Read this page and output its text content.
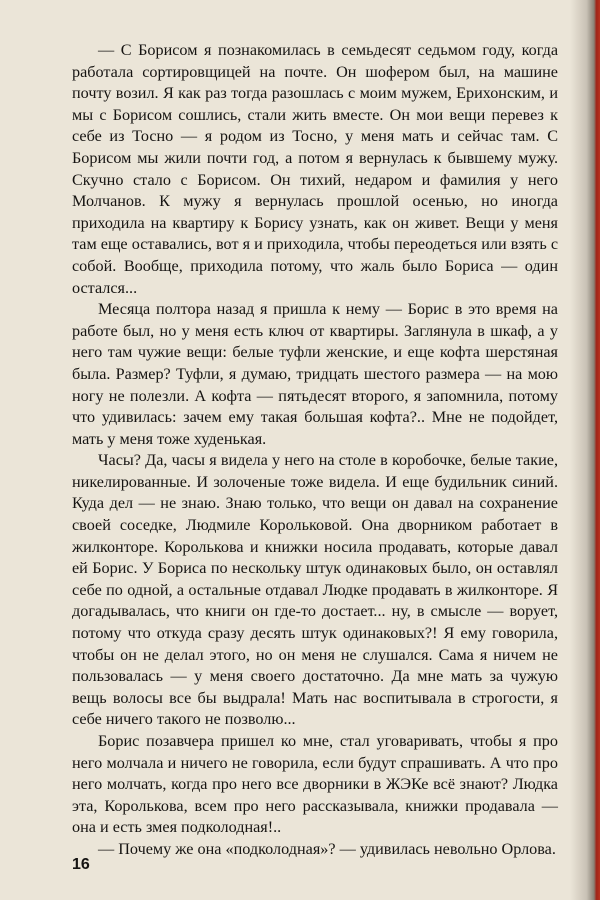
— С Борисом я познакомилась в семьдесят седьмом году, когда работала сортировщицей на почте. Он шофером был, на машине почту возил. Я как раз тогда разошлась с моим мужем, Ерихонским, и мы с Борисом сошлись, стали жить вместе. Он мои вещи перевез к себе из Тосно — я родом из Тосно, у меня мать и сейчас там. С Борисом мы жили почти год, а потом я вернулась к бывшему мужу. Скучно стало с Борисом. Он тихий, недаром и фамилия у него Молчанов. К мужу я вернулась прошлой осенью, но иногда приходила на квартиру к Борису узнать, как он живет. Вещи у меня там еще оставались, вот я и приходила, чтобы переодеться или взять с собой. Вообще, приходила потому, что жаль было Бориса — один остался...

Месяца полтора назад я пришла к нему — Борис в это время на работе был, но у меня есть ключ от квартиры. Заглянула в шкаф, а у него там чужие вещи: белые туфли женские, и еще кофта шерстяная была. Размер? Туфли, я думаю, тридцать шестого размера — на мою ногу не полезли. А кофта — пятьдесят второго, я запомнила, потому что удивилась: зачем ему такая большая кофта?.. Мне не подойдет, мать у меня тоже худенькая.

Часы? Да, часы я видела у него на столе в коробочке, белые такие, никелированные. И золоченые тоже видела. И еще будильник синий. Куда дел — не знаю. Знаю только, что вещи он давал на сохранение своей соседке, Людмиле Корольковой. Она дворником работает в жилконторе. Королькова и книжки носила продавать, которые давал ей Борис. У Бориса по нескольку штук одинаковых было, он оставлял себе по одной, а остальные отдавал Людке продавать в жилконторе. Я догадывалась, что книги он где-то достает... ну, в смысле — ворует, потому что откуда сразу десять штук одинаковых?! Я ему говорила, чтобы он не делал этого, но он меня не слушался. Сама я ничем не пользовалась — у меня своего достаточно. Да мне мать за чужую вещь волосы все бы выдрала! Мать нас воспитывала в строгости, я себе ничего такого не позволю...

Борис позавчера пришел ко мне, стал уговаривать, чтобы я про него молчала и ничего не говорила, если будут спрашивать. А что про него молчать, когда про него все дворники в ЖЭКе всё знают? Людка эта, Королькова, всем про него рассказывала, книжки продавала — она и есть змея подколодная!..

— Почему же она «подколодная»? — удивилась невольно Орлова.

16
